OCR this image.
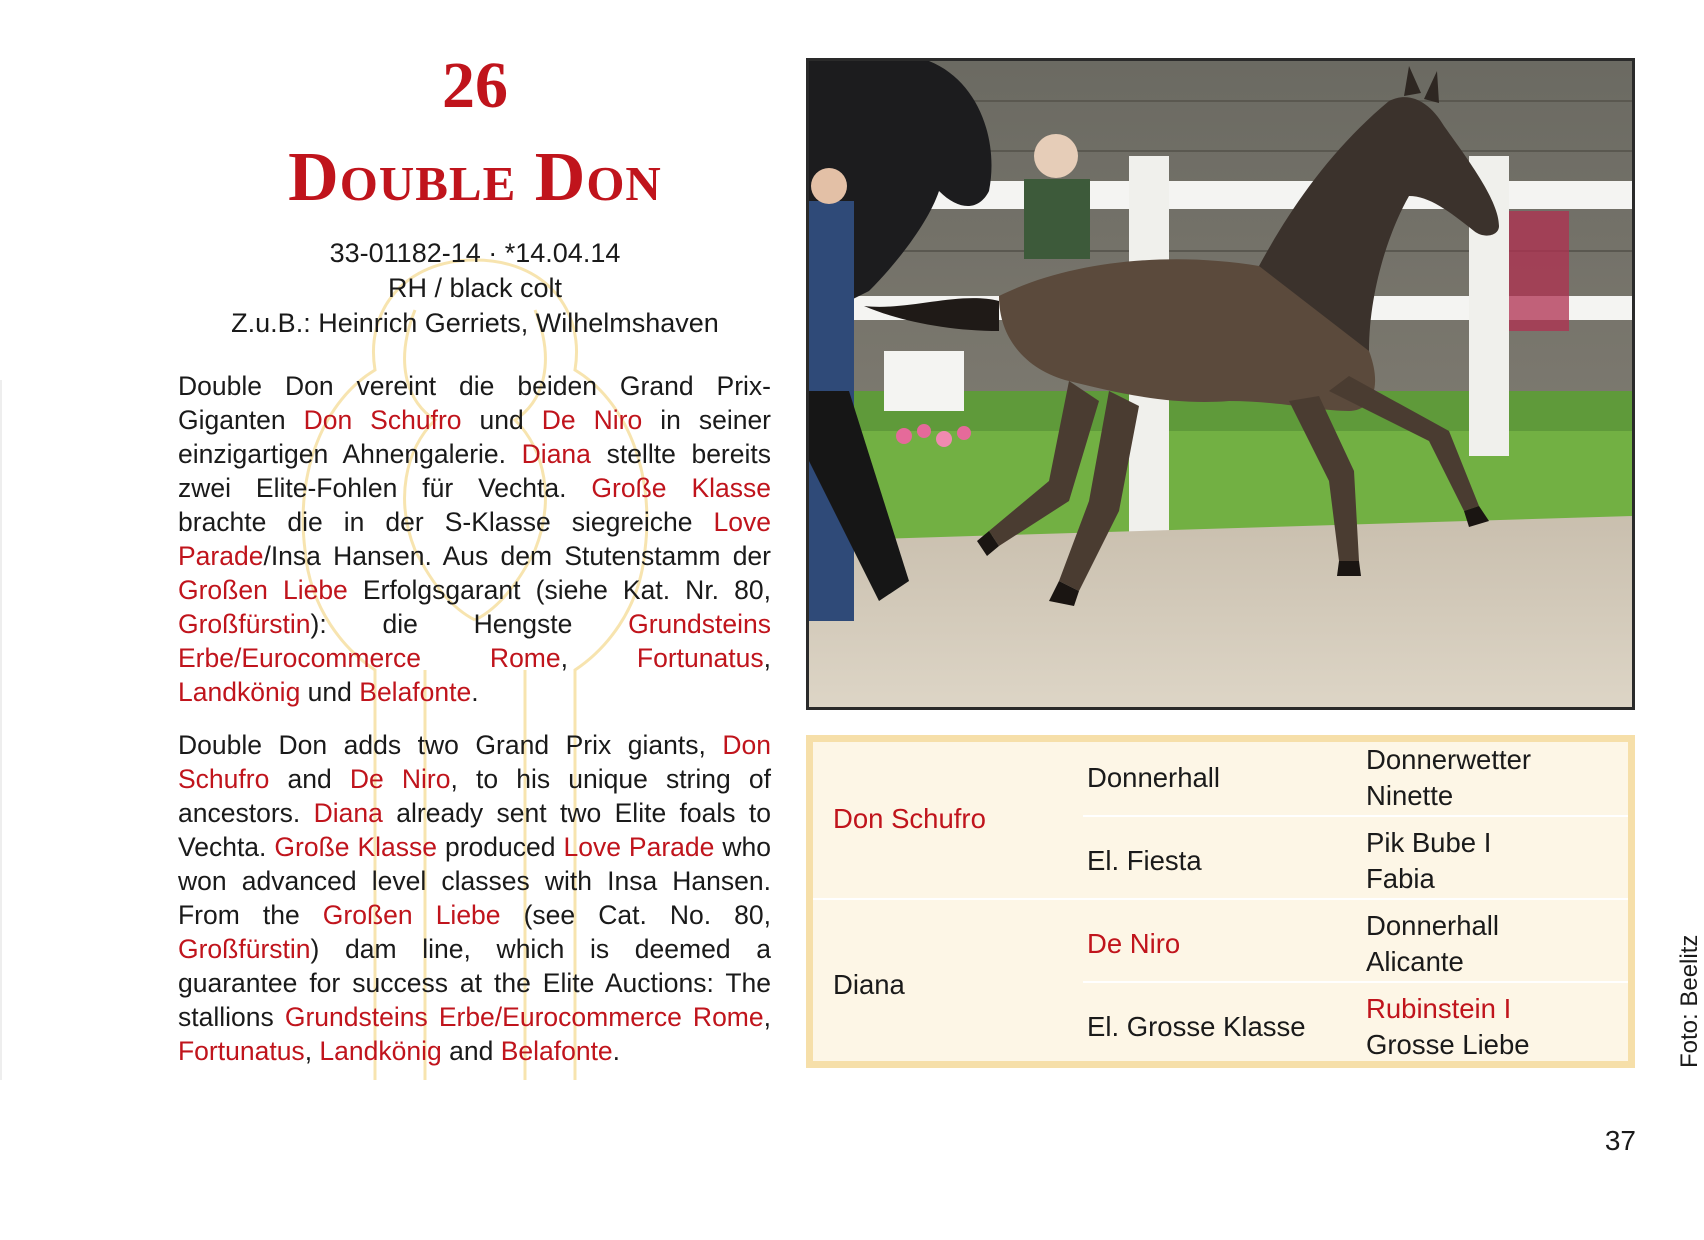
26
Double Don
33-01182-14 · *14.04.14
RH / black colt
Z.u.B.: Heinrich Gerriets, Wilhelmshaven

Double Don vereint die beiden Grand Prix-Giganten Don Schufro und De Niro in seiner einzigartigen Ahnengalerie. Diana stellte bereits zwei Elite-Fohlen für Vechta. Große Klasse brachte die in der S-Klasse siegreiche Love Parade/Insa Hansen. Aus dem Stutenstamm der Großen Liebe Erfolgsgarant (siehe Kat. Nr. 80, Großfürstin): die Hengste Grundsteins Erbe/Eurocommerce Rome, Fortunatus, Landkönig und Belafonte.

Double Don adds two Grand Prix giants, Don Schufro and De Niro, to his unique string of ancestors. Diana already sent two Elite foals to Vechta. Große Klasse produced Love Parade who won advanced level classes with Insa Hansen. From the Großen Liebe (see Cat. No. 80, Großfürstin) dam line, which is deemed a guarantee for success at the Elite Auctions: The stallions Grundsteins Erbe/Eurocommerce Rome, Fortunatus, Landkönig and Belafonte.

Don Schufro
Diana
Donnerhall
El. Fiesta
De Niro
El. Grosse Klasse
Donnerwetter
Ninette
Pik Bube I
Fabia
Donnerhall
Alicante
Rubinstein I
Grosse Liebe	Foto: Beelitz
37
